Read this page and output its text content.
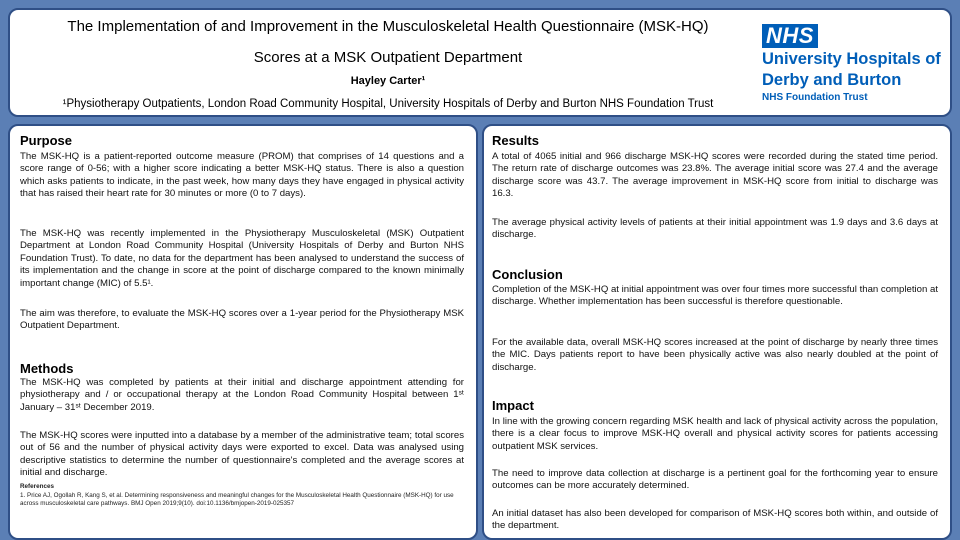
The Implementation of and Improvement in the Musculoskeletal Health Questionnaire (MSK-HQ)
Scores at a MSK Outpatient Department
Hayley Carter¹
¹Physiotherapy Outpatients, London Road Community Hospital, University Hospitals of Derby and Burton NHS Foundation Trust
NHS
University Hospitals of
Derby and Burton
NHS Foundation Trust
Purpose
The MSK-HQ is a patient-reported outcome measure (PROM) that comprises of 14 questions and a score range of 0-56; with a higher score indicating a better MSK-HQ status. There is also a question which asks patients to indicate, in the past week, how many days they have engaged in physical activity that has raised their heart rate for 30 minutes or more (0 to 7 days).
The MSK-HQ was recently implemented in the Physiotherapy Musculoskeletal (MSK) Outpatient Department at London Road Community Hospital (University Hospitals of Derby and Burton NHS Foundation Trust). To date, no data for the department has been analysed to understand the success of its implementation and the change in score at the point of discharge compared to the known minimally important change (MIC) of 5.5¹.
The aim was therefore, to evaluate the MSK-HQ scores over a 1-year period for the Physiotherapy MSK Outpatient Department.
Methods
The MSK-HQ was completed by patients at their initial and discharge appointment attending for physiotherapy and / or occupational therapy at the London Road Community Hospital between 1ˢᵗ January – 31ˢᵗ December 2019.
The MSK-HQ scores were inputted into a database by a member of the administrative team; total scores out of 56 and the number of physical activity days were exported to excel. Data was analysed using descriptive statistics to determine the number of questionnaire's completed and the average scores at initial and discharge.
References
1. Price AJ, Ogollah R, Kang S, et al. Determining responsiveness and meaningful changes for the Musculoskeletal Health Questionnaire (MSK-HQ) for use across musculoskeletal care pathways. BMJ Open 2019;9(10). doi:10.1136/bmjopen-2019-025357
Results
A total of 4065 initial and 966 discharge MSK-HQ scores were recorded during the stated time period. The return rate of discharge outcomes was 23.8%. The average initial score was 27.4 and the average discharge score was 43.7. The average improvement in MSK-HQ score from initial to discharge was 16.3.
The average physical activity levels of patients at their initial appointment was 1.9 days and 3.6 days at discharge.
Conclusion
Completion of the MSK-HQ at initial appointment was over four times more successful than completion at discharge. Whether implementation has been successful is therefore questionable.
For the available data, overall MSK-HQ scores increased at the point of discharge by nearly three times the MIC. Days patients report to have been physically active was also nearly doubled at the point of discharge.
Impact
In line with the growing concern regarding MSK health and lack of physical activity across the population, there is a clear focus to improve MSK-HQ overall and physical activity scores for patients accessing outpatient MSK services.
The need to improve data collection at discharge is a pertinent goal for the forthcoming year to ensure outcomes can be more accurately determined.
An initial dataset has also been developed for comparison of MSK-HQ scores both within, and outside of the department.
